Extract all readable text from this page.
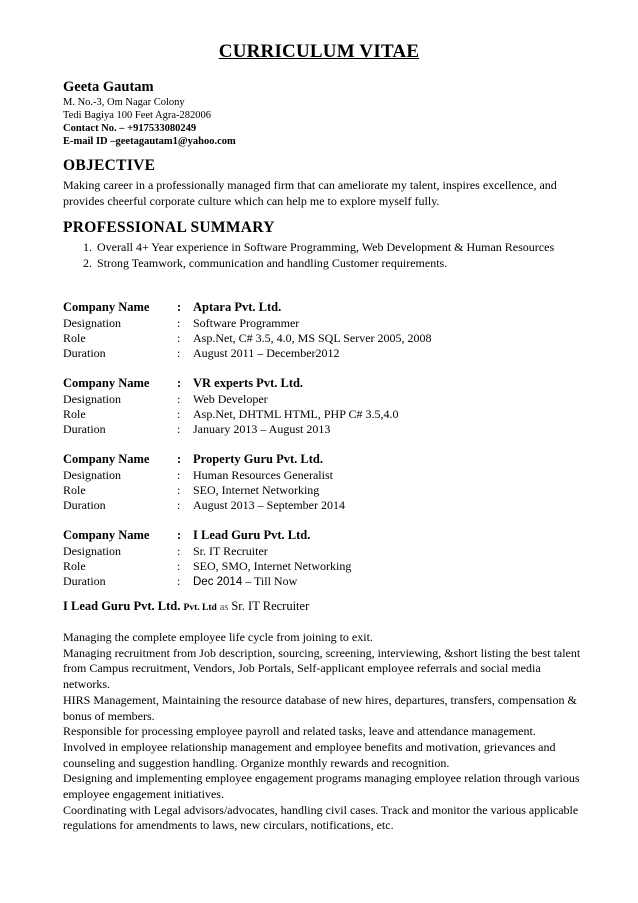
CURRICULUM VITAE
Geeta Gautam
M. No.-3, Om Nagar Colony
Tedi Bagiya 100 Feet Agra-282006
Contact No. – +917533080249
E-mail ID –geetagautam1@yahoo.com
OBJECTIVE
Making career in a professionally managed firm that can ameliorate my talent, inspires excellence, and provides cheerful corporate culture which can help me to explore myself fully.
PROFESSIONAL SUMMARY
1. Overall 4+ Year experience in Software Programming, Web Development & Human Resources
2. Strong Teamwork, communication and handling Customer requirements.
Company Name : Aptara Pvt. Ltd.
Designation	: Software Programmer
Role	: Asp.Net, C# 3.5, 4.0, MS SQL Server 2005, 2008
Duration	: August 2011 – December2012
Company Name : VR experts Pvt. Ltd.
Designation	: Web Developer
Role	: Asp.Net, DHTML HTML, PHP C# 3.5,4.0
Duration	: January 2013 – August 2013
Company Name : Property Guru Pvt. Ltd.
Designation	: Human Resources Generalist
Role	: SEO, Internet Networking
Duration	: August 2013 – September 2014
Company Name : I Lead Guru Pvt. Ltd.
Designation	: Sr. IT Recruiter
Role	: SEO, SMO, Internet Networking
Duration	: Dec 2014 – Till Now
I Lead Guru Pvt. Ltd. Pvt. Ltd as Sr. IT Recruiter

Managing the complete employee life cycle from joining to exit.

Managing recruitment from Job description, sourcing, screening, interviewing, &short listing the best talent from Campus recruitment, Vendors, Job Portals, Self-applicant employee referrals and social media networks.

HIRS Management, Maintaining the resource database of new hires, departures, transfers, compensation & bonus of members.

Responsible for processing employee payroll and related tasks, leave and attendance management.

Involved in employee relationship management and employee benefits and motivation, grievances and counseling and suggestion handling. Organize monthly rewards and recognition.

Designing and implementing employee engagement programs managing employee relation through various employee engagement initiatives.

Coordinating with Legal advisors/advocates, handling civil cases. Track and monitor the various applicable regulations for amendments to laws, new circulars, notifications, etc.
